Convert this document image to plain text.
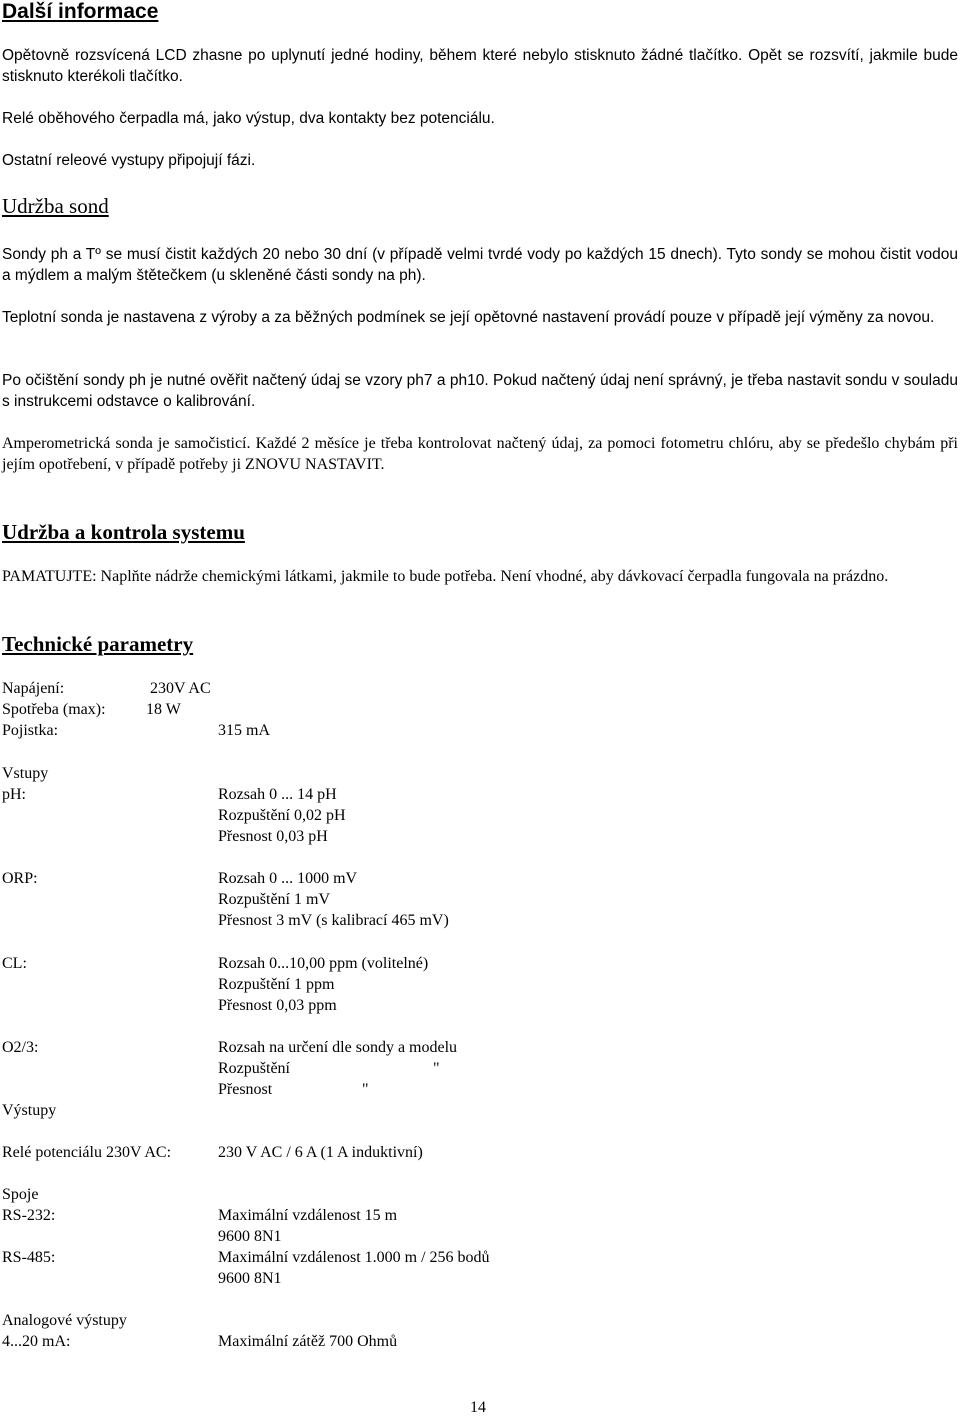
Další informace
Opětovně rozsvícená LCD zhasne po uplynutí jedné hodiny, během které nebylo stisknuto žádné tlačítko. Opět se rozsvítí, jakmile bude stisknuto kterékoli tlačítko.
Relé oběhového čerpadla má, jako výstup, dva kontakty bez potenciálu.
Ostatní releové vystupy připojují fázi.
Udržba sond
Sondy ph a Tº se musí čistit každých 20 nebo 30 dní (v případě velmi tvrdé vody po každých 15 dnech). Tyto sondy se mohou čistit vodou a mýdlem a malým štětečkem (u skleněné části sondy na ph).
Teplotní sonda je nastavena z výroby a za běžných podmínek se její opětovné nastavení provádí pouze v případě její výměny za novou.
Po očištění sondy ph je nutné ověřit načtený údaj se vzory ph7 a ph10. Pokud načtený údaj není správný, je třeba nastavit sondu v souladu s instrukcemi odstavce o kalibrování.
Amperometrická sonda je samočisticí. Každé 2 měsíce je třeba kontrolovat načtený údaj, za pomoci fotometru chlóru, aby se předešlo chybám při jejím opotřebení, v případě potřeby ji ZNOVU NASTAVIT.
Udržba a kontrola systemu
PAMATUJTE: Naplňte nádrže chemickými látkami, jakmile to bude potřeba. Není vhodné, aby dávkovací čerpadla fungovala na prázdno.
Technické parametry
Napájení:	230V AC
Spotřeba (max):	18 W
Pojistka:	315 mA
Vstupy
pH:	Rozsah 0 ... 14 pH
Rozpuštění 0,02 pH
Přesnost 0,03 pH
ORP:	Rozsah 0 ... 1000 mV
Rozpuštění 1 mV
Přesnost 3 mV (s kalibrací 465 mV)
CL:	Rozsah 0...10,00 ppm (volitelné)
Rozpuštění 1 ppm
Přesnost 0,03 ppm
O2/3:	Rozsah na určení dle sondy a modelu
Rozpuštění	"
Přesnost	"
Výstupy
Relé potenciálu 230V AC:	230 V AC / 6 A (1 A induktivní)
Spoje
RS-232:	Maximální vzdálenost 15 m
9600 8N1
RS-485:	Maximální vzdálenost 1.000 m / 256 bodů
9600 8N1
Analogové výstupy
4...20 mA:	Maximální zátěž 700 Ohmů
14
